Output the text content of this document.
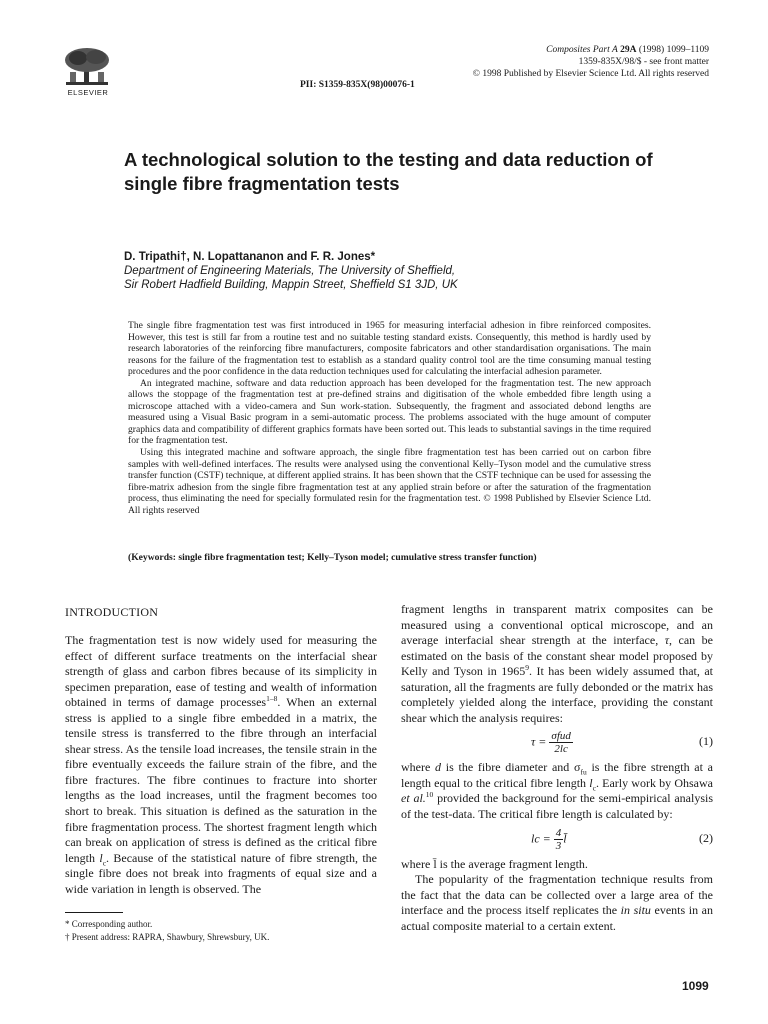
ELSEVIER
PII: S1359-835X(98)00076-1
Composites Part A 29A (1998) 1099–1109
1359-835X/98/$ - see front matter
© 1998 Published by Elsevier Science Ltd. All rights reserved
A technological solution to the testing and data reduction of single fibre fragmentation tests
D. Tripathi†, N. Lopattananon and F. R. Jones*
Department of Engineering Materials, The University of Sheffield,
Sir Robert Hadfield Building, Mappin Street, Sheffield S1 3JD, UK

The single fibre fragmentation test was first introduced in 1965 for measuring interfacial adhesion in fibre reinforced composites. However, this test is still far from a routine test and no suitable testing standard exists. Consequently, this method is hardly used by research laboratories of the reinforcing fibre manufacturers, composite fabricators and other standardisation organisations. The main reasons for the failure of the fragmentation test to establish as a standard quality control tool are the time consuming manual testing procedures and the poor confidence in the data reduction techniques used for calculating the interfacial adhesion parameter.

An integrated machine, software and data reduction approach has been developed for the fragmentation test. The new approach allows the stoppage of the fragmentation test at pre-defined strains and digitisation of the whole embedded fibre length using a microscope attached with a video-camera and Sun work-station. Subsequently, the fragment and associated debond lengths are measured using a Visual Basic program in a semi-automatic process. The problems associated with the huge amount of computer graphics data and compatibility of different graphics formats have been sorted out. This leads to substantial savings in the time required for the fragmentation test.

Using this integrated machine and software approach, the single fibre fragmentation test has been carried out on carbon fibre samples with well-defined interfaces. The results were analysed using the conventional Kelly–Tyson model and the cumulative stress transfer function (CSTF) technique, at different applied strains. It has been shown that the CSTF technique can be used for assessing the fibre-matrix adhesion from the single fibre fragmentation test at any applied strain before or after the saturation of the fragmentation process, thus eliminating the need for specially formulated resin for the fragmentation test. © 1998 Published by Elsevier Science Ltd. All rights reserved

(Keywords: single fibre fragmentation test; Kelly–Tyson model; cumulative stress transfer function)
INTRODUCTION

The fragmentation test is now widely used for measuring the effect of different surface treatments on the interfacial shear strength of glass and carbon fibres because of its simplicity in specimen preparation, ease of testing and wealth of information obtained in terms of damage processes$^{1-8}$. When an external stress is applied to a single fibre embedded in a matrix, the tensile stress is transferred to the fibre through an interfacial shear stress. As the tensile load increases, the tensile strain in the fibre eventually exceeds the failure strain of the fibre, and the fibre fractures. The fibre continues to fracture into shorter lengths as the load increases, until the fragment becomes too short to break. This situation is defined as the saturation in the fibre fragmentation process. The shortest fragment length which can break on application of stress is defined as the critical fibre length $l_c$. Because of the statistical nature of fibre strength, the single fibre does not break into fragments of equal size and a wide variation in length is observed. The

fragment lengths in transparent matrix composites can be measured using a conventional optical microscope, and an average interfacial shear strength at the interface, τ, can be estimated on the basis of the constant shear model proposed by Kelly and Tyson in 1965$^9$. It has been widely assumed that, at saturation, all the fragments are fully debonded or the matrix has completely yielded along the interface, providing the constant shear which the analysis requires:

$\tau = \frac{\text{σfud}}{2lc}$	(1)

where d is the fibre diameter and $\sigma_{fu}$ is the fibre strength at a length equal to the critical fibre length $l_c$. Early work by Ohsawa et al.$^{10}$ provided the background for the semi-empirical analysis of the test-data. The critical fibre length is calculated by:

lc = $\frac{4}{3}$ l̄	(2)

where l̄ is the average fragment length.

The popularity of the fragmentation technique results from the fact that the data can be collected over a large area of the interface and the process itself replicates the in situ events in an actual composite material to a certain extent.

* Corresponding author.
† Present address: RAPRA, Shawbury, Shrewsbury, UK.
1099
